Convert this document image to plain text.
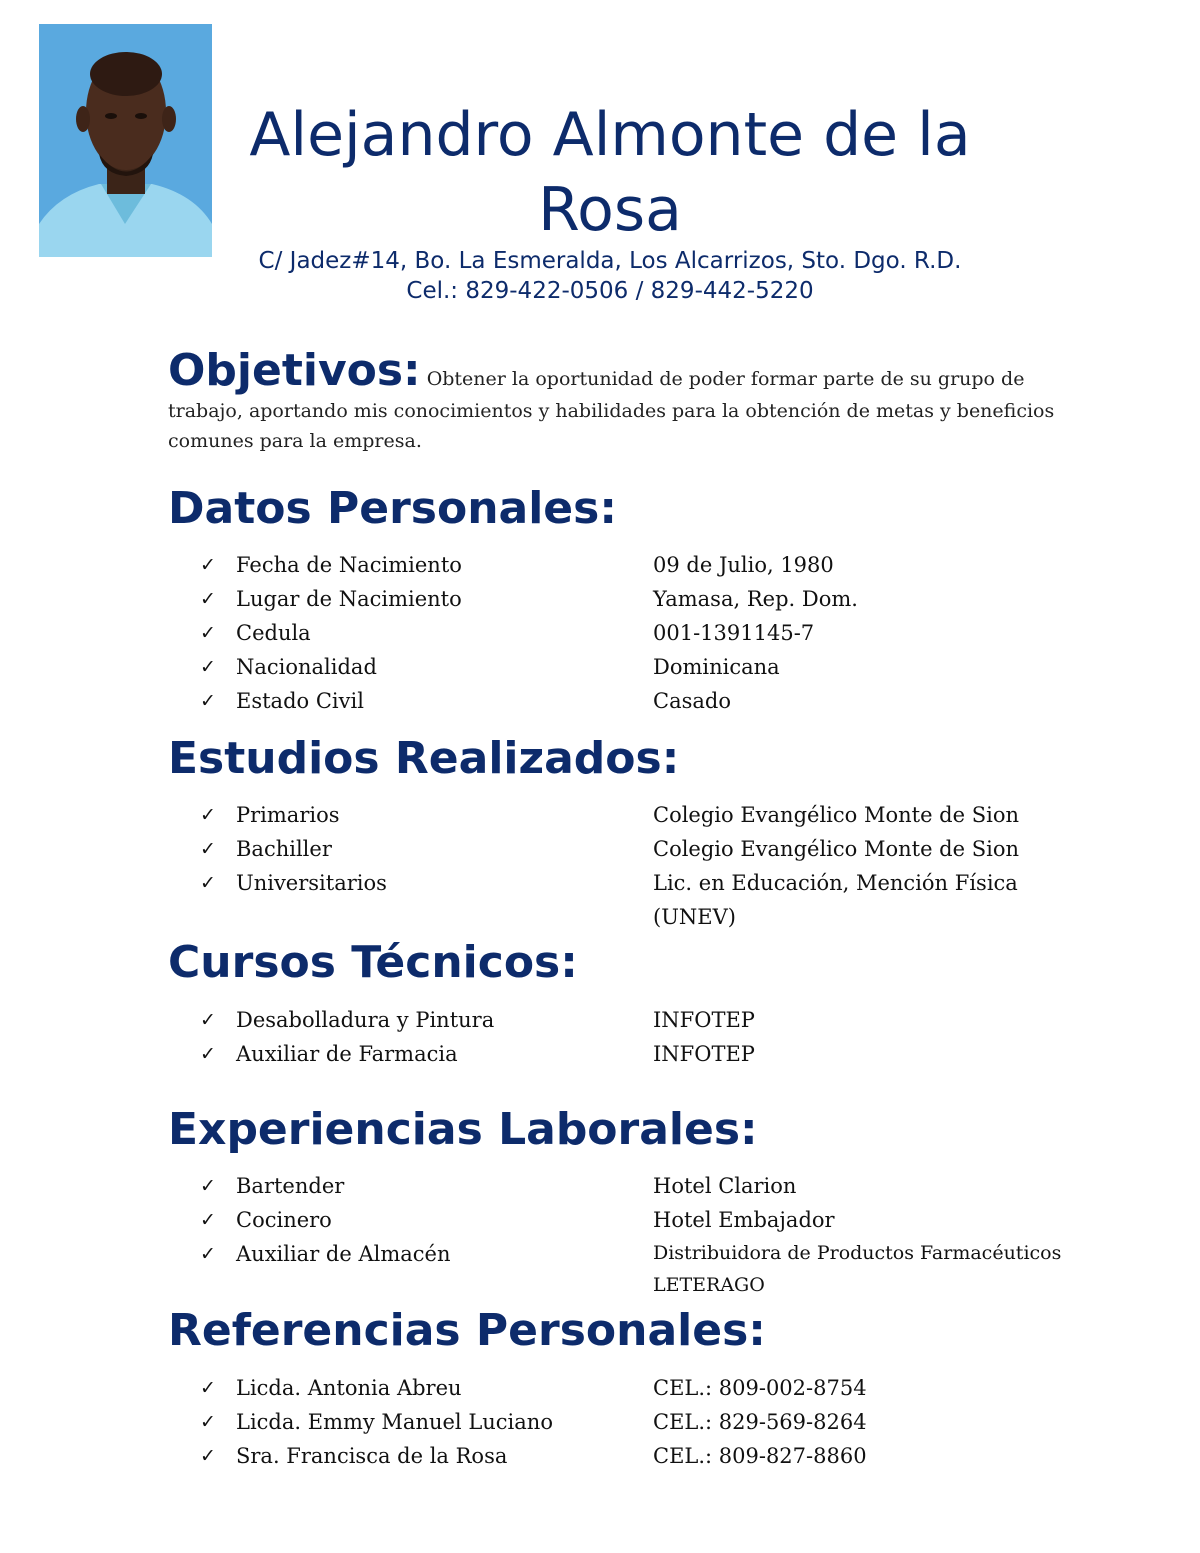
Alejandro Almonte de la Rosa
C/ Jadez#14, Bo. La Esmeralda, Los Alcarrizos, Sto. Dgo. R.D.
Cel.: 829-422-0506 / 829-442-5220
Objetivos: Obtener la oportunidad de poder formar parte de su grupo de trabajo, aportando mis conocimientos y habilidades para la obtención de metas y beneficios comunes para la empresa.
Datos Personales:
✓ Fecha de Nacimiento	09 de Julio, 1980
✓ Lugar de Nacimiento	Yamasa, Rep. Dom.
✓ Cedula	001-1391145-7
✓ Nacionalidad	Dominicana
✓ Estado Civil	Casado
Estudios Realizados:
✓ Primarios	Colegio Evangélico Monte de Sion
✓ Bachiller	Colegio Evangélico Monte de Sion
✓ Universitarios	Lic. en Educación, Mención Física (UNEV)
Cursos Técnicos:
✓ Desabolladura y Pintura	INFOTEP
✓ Auxiliar de Farmacia	INFOTEP
Experiencias Laborales:
✓ Bartender	Hotel Clarion
✓ Cocinero	Hotel Embajador
✓ Auxiliar de Almacén	Distribuidora de Productos Farmacéuticos LETERAGO
Referencias Personales:
✓ Licda. Antonia Abreu	CEL.: 809-002-8754
✓ Licda. Emmy Manuel Luciano	CEL.: 829-569-8264
✓ Sra. Francisca de la Rosa	CEL.: 809-827-8860
